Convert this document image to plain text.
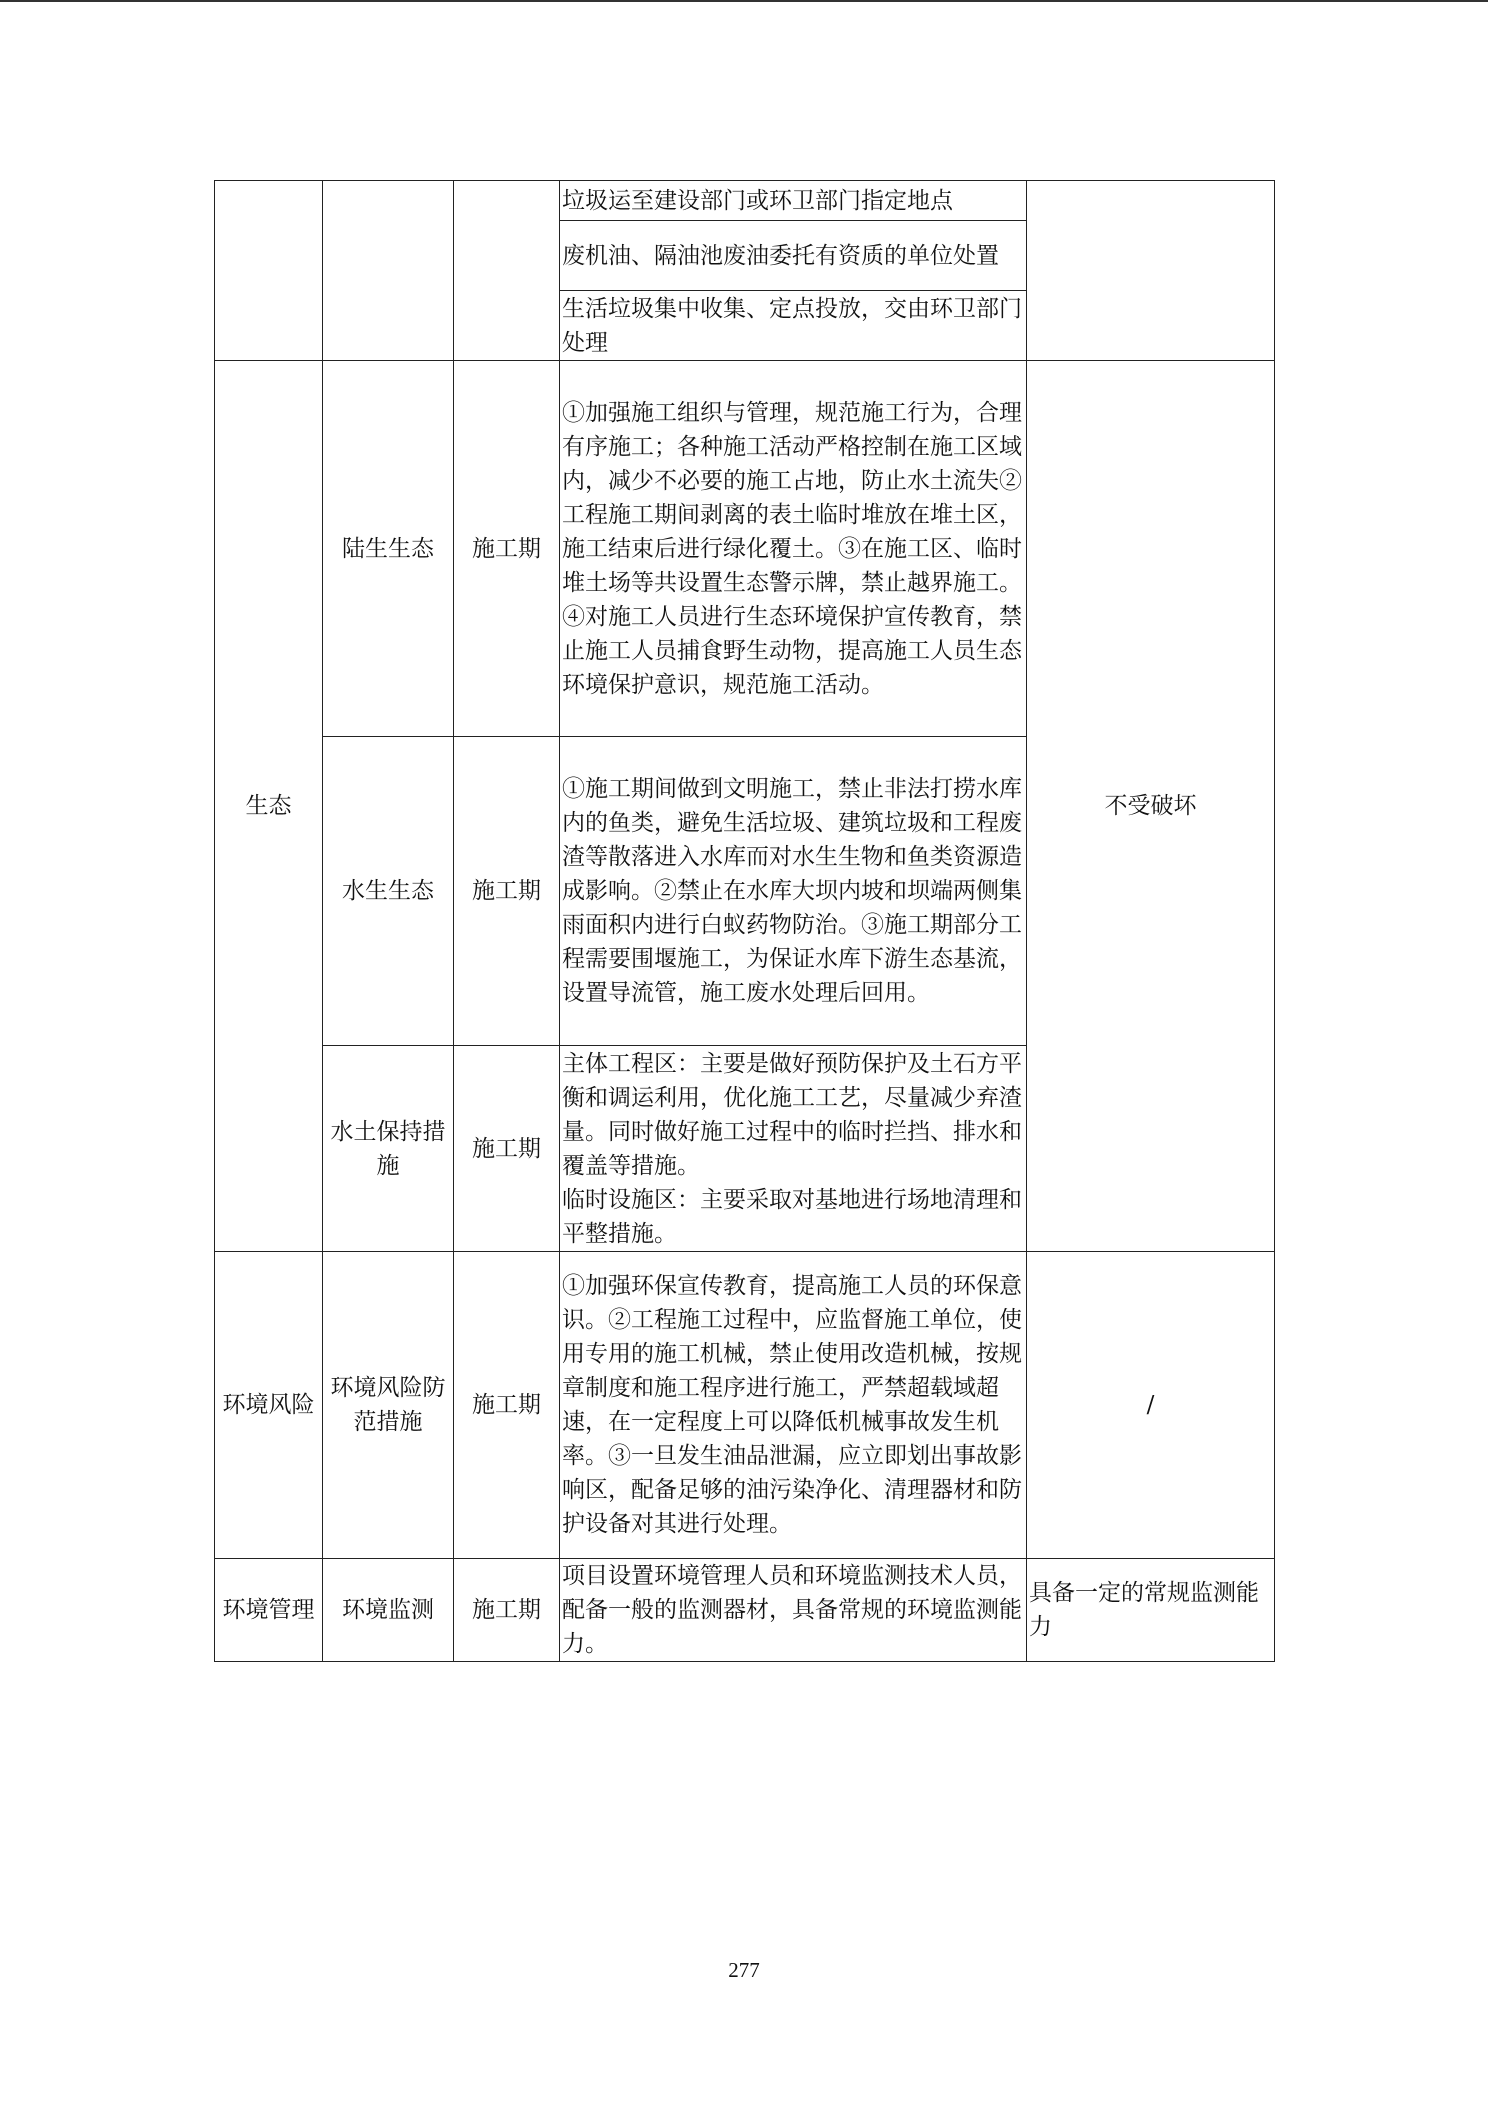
			垃圾运至建设部门或环卫部门指定地点	
			废机油、隔油池废油委托有资质的单位处置	
			生活垃圾集中收集、定点投放，交由环卫部门处理	
生态	陆生生态	施工期	①加强施工组织与管理，规范施工行为，合理有序施工；各种施工活动严格控制在施工区域内，减少不必要的施工占地，防止水土流失②工程施工期间剥离的表土临时堆放在堆土区，施工结束后进行绿化覆土。③在施工区、临时堆土场等共设置生态警示牌，禁止越界施工。④对施工人员进行生态环境保护宣传教育，禁止施工人员捕食野生动物，提高施工人员生态环境保护意识，规范施工活动。	不受破坏
	水生生态	施工期	①施工期间做到文明施工，禁止非法打捞水库内的鱼类，避免生活垃圾、建筑垃圾和工程废渣等散落进入水库而对水生生物和鱼类资源造成影响。②禁止在水库大坝内坡和坝端两侧集雨面积内进行白蚁药物防治。③施工期部分工程需要围堰施工，为保证水库下游生态基流，设置导流管，施工废水处理后回用。	
	水土保持措施	施工期	主体工程区：主要是做好预防保护及土石方平衡和调运利用，优化施工工艺，尽量减少弃渣量。同时做好施工过程中的临时拦挡、排水和覆盖等措施。
临时设施区：主要采取对基地进行场地清理和平整措施。	

环境风险	环境风险防范措施	施工期	①加强环保宣传教育，提高施工人员的环保意识。②工程施工过程中，应监督施工单位，使用专用的施工机械，禁止使用改造机械，按规章制度和施工程序进行施工，严禁超载域超速，在一定程度上可以降低机械事故发生机率。③一旦发生油品泄漏，应立即划出事故影响区，配备足够的油污染净化、清理器材和防护设备对其进行处理。	/
环境管理	环境监测	施工期	项目设置环境管理人员和环境监测技术人员，配备一般的监测器材，具备常规的环境监测能力。	具备一定的常规监测能力
277
